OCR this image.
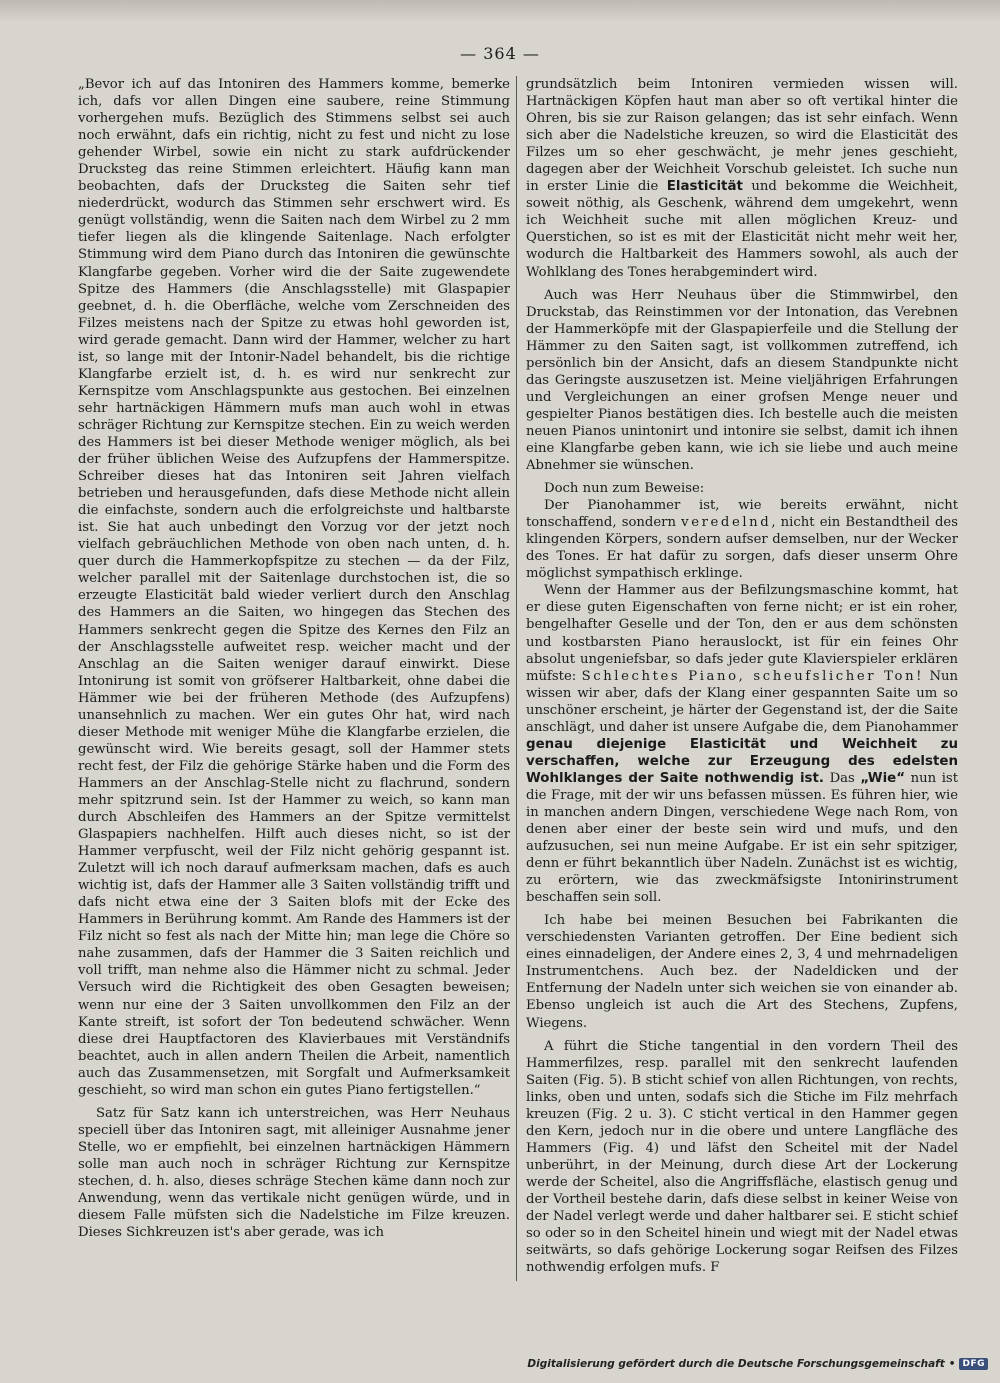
— 364 —

„Bevor ich auf das Intoniren des Hammers komme, bemerke ich, dafs vor allen Dingen eine saubere, reine Stimmung vorhergehen mufs. Bezüglich des Stimmens selbst sei auch noch erwähnt, dafs ein richtig, nicht zu fest und nicht zu lose gehender Wirbel, sowie ein nicht zu stark aufdrückender Drucksteg das reine Stimmen erleichtert. Häufig kann man beobachten, dafs der Drucksteg die Saiten sehr tief niederdrückt, wodurch das Stimmen sehr erschwert wird. Es genügt vollständig, wenn die Saiten nach dem Wirbel zu 2 mm tiefer liegen als die klingende Saitenlage. Nach erfolgter Stimmung wird dem Piano durch das Intoniren die gewünschte Klangfarbe gegeben. Vorher wird die der Saite zugewendete Spitze des Hammers (die Anschlagsstelle) mit Glaspapier geebnet, d. h. die Oberfläche, welche vom Zerschneiden des Filzes meistens nach der Spitze zu etwas hohl geworden ist, wird gerade gemacht. Dann wird der Hammer, welcher zu hart ist, so lange mit der Intonir-Nadel behandelt, bis die richtige Klangfarbe erzielt ist, d. h. es wird nur senkrecht zur Kernspitze vom Anschlagspunkte aus gestochen. Bei einzelnen sehr hartnäckigen Hämmern mufs man auch wohl in etwas schräger Richtung zur Kernspitze stechen. Ein zu weich werden des Hammers ist bei dieser Methode weniger möglich, als bei der früher üblichen Weise des Aufzupfens der Hammerspitze. Schreiber dieses hat das Intoniren seit Jahren vielfach betrieben und herausgefunden, dafs diese Methode nicht allein die einfachste, sondern auch die erfolgreichste und haltbarste ist. Sie hat auch unbedingt den Vorzug vor der jetzt noch vielfach gebräuchlichen Methode von oben nach unten, d. h. quer durch die Hammerkopfspitze zu stechen — da der Filz, welcher parallel mit der Saitenlage durchstochen ist, die so erzeugte Elasticität bald wieder verliert durch den Anschlag des Hammers an die Saiten, wo hingegen das Stechen des Hammers senkrecht gegen die Spitze des Kernes den Filz an der Anschlagsstelle aufweitet resp. weicher macht und der Anschlag an die Saiten weniger darauf einwirkt. Diese Intonirung ist somit von gröfserer Haltbarkeit, ohne dabei die Hämmer wie bei der früheren Methode (des Aufzupfens) unansehnlich zu machen. Wer ein gutes Ohr hat, wird nach dieser Methode mit weniger Mühe die Klangfarbe erzielen, die gewünscht wird. Wie bereits gesagt, soll der Hammer stets recht fest, der Filz die gehörige Stärke haben und die Form des Hammers an der Anschlag-Stelle nicht zu flachrund, sondern mehr spitzrund sein. Ist der Hammer zu weich, so kann man durch Abschleifen des Hammers an der Spitze vermittelst Glaspapiers nachhelfen. Hilft auch dieses nicht, so ist der Hammer verpfuscht, weil der Filz nicht gehörig gespannt ist. Zuletzt will ich noch darauf aufmerksam machen, dafs es auch wichtig ist, dafs der Hammer alle 3 Saiten vollständig trifft und dafs nicht etwa eine der 3 Saiten blofs mit der Ecke des Hammers in Berührung kommt. Am Rande des Hammers ist der Filz nicht so fest als nach der Mitte hin; man lege die Chöre so nahe zusammen, dafs der Hammer die 3 Saiten reichlich und voll trifft, man nehme also die Hämmer nicht zu schmal. Jeder Versuch wird die Richtigkeit des oben Gesagten beweisen; wenn nur eine der 3 Saiten unvollkommen den Filz an der Kante streift, ist sofort der Ton bedeutend schwächer. Wenn diese drei Hauptfactoren des Klavierbaues mit Verständnifs beachtet, auch in allen andern Theilen die Arbeit, namentlich auch das Zusammensetzen, mit Sorgfalt und Aufmerksamkeit geschieht, so wird man schon ein gutes Piano fertigstellen.“

Satz für Satz kann ich unterstreichen, was Herr Neuhaus speciell über das Intoniren sagt, mit alleiniger Ausnahme jener Stelle, wo er empfiehlt, bei einzelnen hartnäckigen Hämmern solle man auch noch in schräger Richtung zur Kernspitze stechen, d. h. also, dieses schräge Stechen käme dann noch zur Anwendung, wenn das vertikale nicht genügen würde, und in diesem Falle müfsten sich die Nadelstiche im Filze kreuzen. Dieses Sichkreuzen ist's aber gerade, was ich

grundsätzlich beim Intoniren vermieden wissen will. Hartnäckigen Köpfen haut man aber so oft vertikal hinter die Ohren, bis sie zur Raison gelangen; das ist sehr einfach. Wenn sich aber die Nadelstiche kreuzen, so wird die Elasticität des Filzes um so eher geschwächt, je mehr jenes geschieht, dagegen aber der Weichheit Vorschub geleistet. Ich suche nun in erster Linie die Elasticität und bekomme die Weichheit, soweit nöthig, als Geschenk, während dem umgekehrt, wenn ich Weichheit suche mit allen möglichen Kreuz- und Querstichen, so ist es mit der Elasticität nicht mehr weit her, wodurch die Haltbarkeit des Hammers sowohl, als auch der Wohlklang des Tones herabgemindert wird.

Auch was Herr Neuhaus über die Stimmwirbel, den Druckstab, das Reinstimmen vor der Intonation, das Verebnen der Hammerköpfe mit der Glaspapierfeile und die Stellung der Hämmer zu den Saiten sagt, ist vollkommen zutreffend, ich persönlich bin der Ansicht, dafs an diesem Standpunkte nicht das Geringste auszusetzen ist. Meine vieljährigen Erfahrungen und Vergleichungen an einer grofsen Menge neuer und gespielter Pianos bestätigen dies. Ich bestelle auch die meisten neuen Pianos unintonirt und intonire sie selbst, damit ich ihnen eine Klangfarbe geben kann, wie ich sie liebe und auch meine Abnehmer sie wünschen.

Doch nun zum Beweise:

Der Pianohammer ist, wie bereits erwähnt, nicht tonschaffend, sondern veredelnd, nicht ein Bestandtheil des klingenden Körpers, sondern aufser demselben, nur der Wecker des Tones. Er hat dafür zu sorgen, dafs dieser unserm Ohre möglichst sympathisch erklinge.

Wenn der Hammer aus der Befilzungsmaschine kommt, hat er diese guten Eigenschaften von ferne nicht; er ist ein roher, bengelhafter Geselle und der Ton, den er aus dem schönsten und kostbarsten Piano herauslockt, ist für ein feines Ohr absolut ungeniefsbar, so dafs jeder gute Klavierspieler erklären müfste: Schlechtes Piano, scheufslicher Ton! Nun wissen wir aber, dafs der Klang einer gespannten Saite um so unschöner erscheint, je härter der Gegenstand ist, der die Saite anschlägt, und daher ist unsere Aufgabe die, dem Pianohammer genau diejenige Elasticität und Weichheit zu verschaffen, welche zur Erzeugung des edelsten Wohlklanges der Saite nothwendig ist. Das „Wie“ nun ist die Frage, mit der wir uns befassen müssen. Es führen hier, wie in manchen andern Dingen, verschiedene Wege nach Rom, von denen aber einer der beste sein wird und mufs, und den aufzusuchen, sei nun meine Aufgabe. Er ist ein sehr spitziger, denn er führt bekanntlich über Nadeln. Zunächst ist es wichtig, zu erörtern, wie das zweckmäfsigste Intonirinstrument beschaffen sein soll.

Ich habe bei meinen Besuchen bei Fabrikanten die verschiedensten Varianten getroffen. Der Eine bedient sich eines einnadeligen, der Andere eines 2, 3, 4 und mehrnadeligen Instrumentchens. Auch bez. der Nadeldicken und der Entfernung der Nadeln unter sich weichen sie von einander ab. Ebenso ungleich ist auch die Art des Stechens, Zupfens, Wiegens.

A führt die Stiche tangential in den vordern Theil des Hammerfilzes, resp. parallel mit den senkrecht laufenden Saiten (Fig. 5). B sticht schief von allen Richtungen, von rechts, links, oben und unten, sodafs sich die Stiche im Filz mehrfach kreuzen (Fig. 2 u. 3). C sticht vertical in den Hammer gegen den Kern, jedoch nur in die obere und untere Langfläche des Hammers (Fig. 4) und läfst den Scheitel mit der Nadel unberührt, in der Meinung, durch diese Art der Lockerung werde der Scheitel, also die Angriffsfläche, elastisch genug und der Vortheil bestehe darin, dafs diese selbst in keiner Weise von der Nadel verlegt werde und daher haltbarer sei. E sticht schief so oder so in den Scheitel hinein und wiegt mit der Nadel etwas seitwärts, so dafs gehörige Lockerung sogar Reifsen des Filzes nothwendig erfolgen mufs. F

Digitalisierung gefördert durch die Deutsche Forschungsgemeinschaft • DFG
